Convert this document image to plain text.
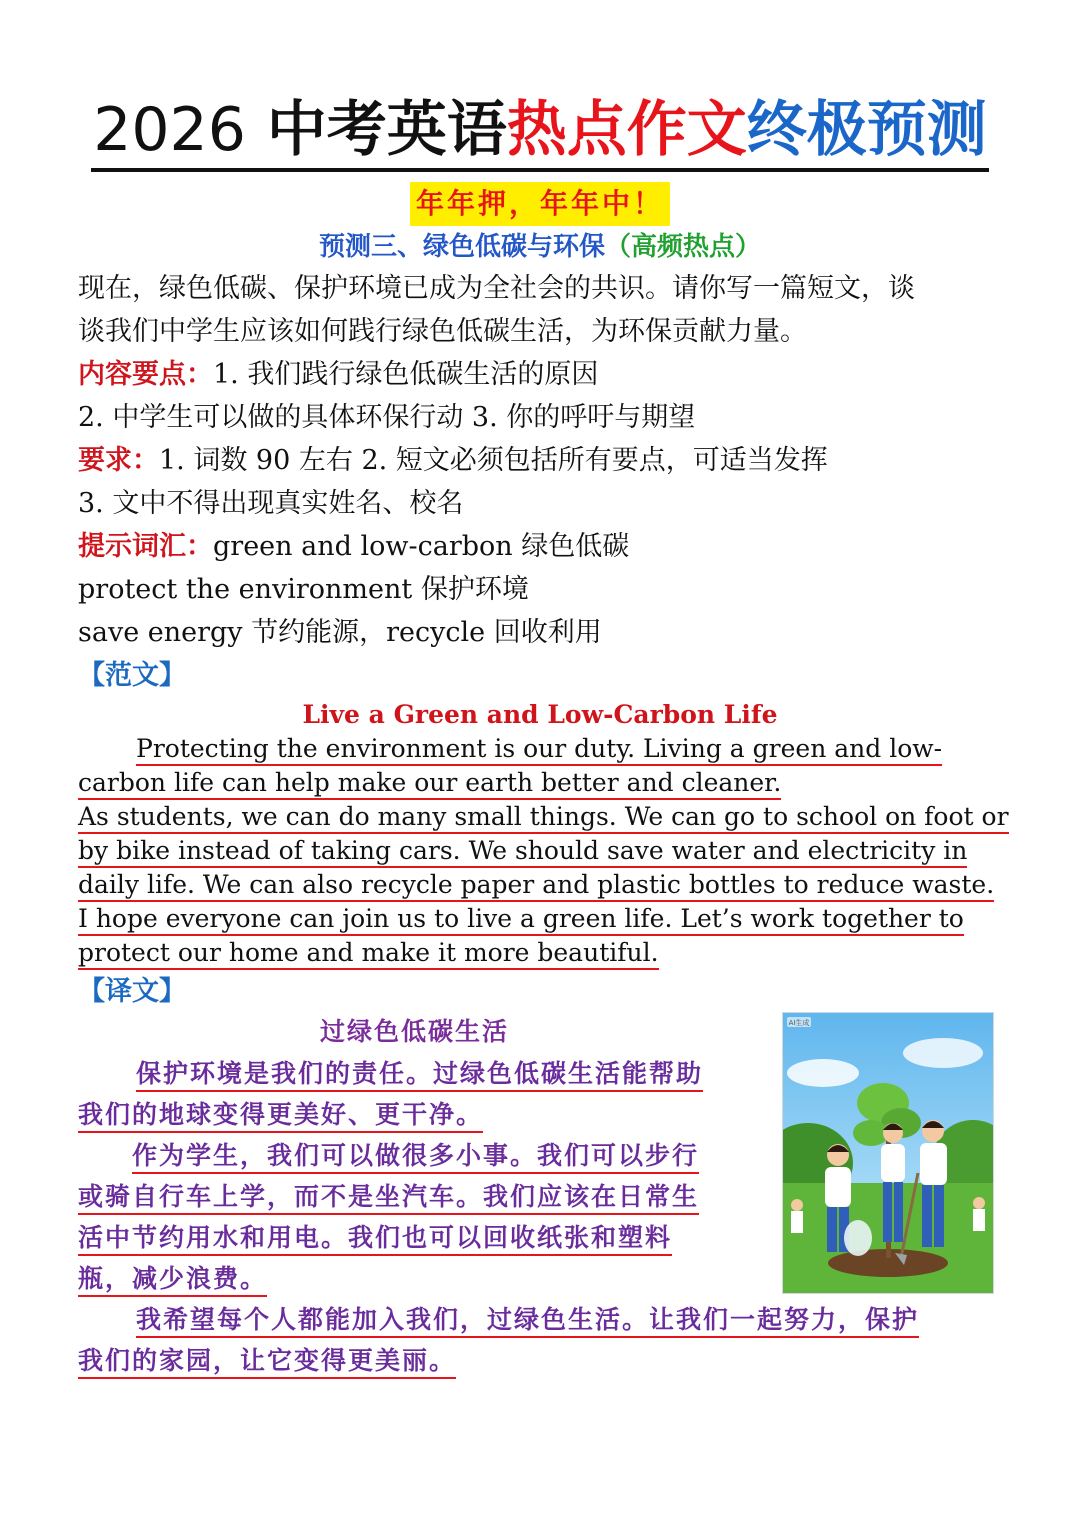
2026 中考英语热点作文终极预测
年年押，年年中！
预测三、绿色低碳与环保（高频热点）
现在，绿色低碳、保护环境已成为全社会的共识。请你写一篇短文，谈
谈我们中学生应该如何践行绿色低碳生活，为环保贡献力量。
内容要点：1. 我们践行绿色低碳生活的原因
2. 中学生可以做的具体环保行动 3. 你的呼吁与期望
要求：1. 词数 90 左右 2. 短文必须包括所有要点，可适当发挥
3. 文中不得出现真实姓名、校名
提示词汇：green and low-carbon 绿色低碳
protect the environment 保护环境
save energy 节约能源，recycle 回收利用
【范文】
Live a Green and Low-Carbon Life
Protecting the environment is our duty. Living a green and low-
carbon life can help make our earth better and cleaner.
As students, we can do many small things. We can go to school on foot or
by bike instead of taking cars. We should save water and electricity in
daily life. We can also recycle paper and plastic bottles to reduce waste.
I hope everyone can join us to live a green life. Let’s work together to
protect our home and make it more beautiful.
【译文】
过绿色低碳生活
保护环境是我们的责任。过绿色低碳生活能帮助
我们的地球变得更美好、更干净。
作为学生，我们可以做很多小事。我们可以步行
或骑自行车上学，而不是坐汽车。我们应该在日常生
活中节约用水和用电。我们也可以回收纸张和塑料
瓶，减少浪费。
我希望每个人都能加入我们，过绿色生活。让我们一起努力，保护
我们的家园，让它变得更美丽。
AI生成
